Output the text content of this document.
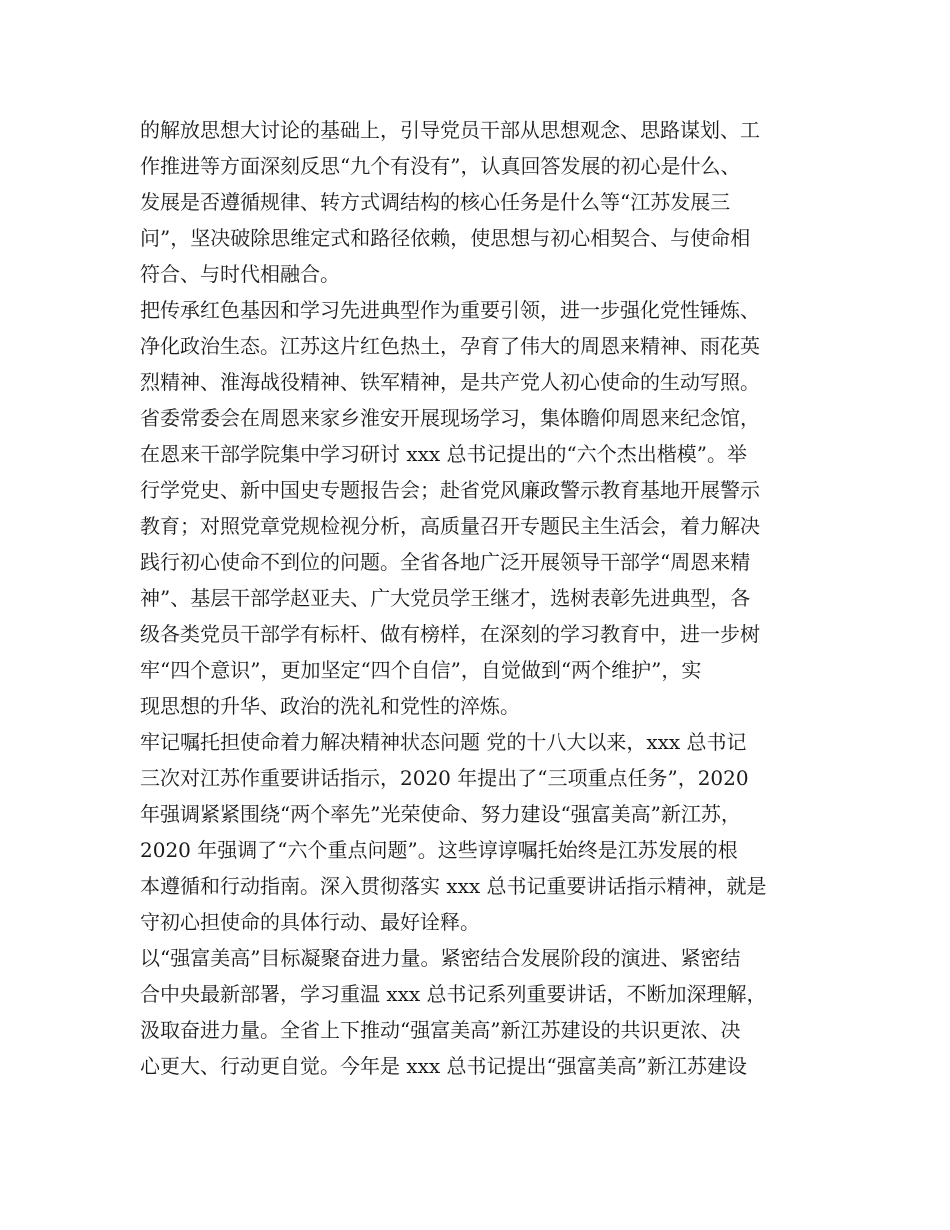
的解放思想大讨论的基础上，引导党员干部从思想观念、思路谋划、工
作推进等方面深刻反思“九个有没有”，认真回答发展的初心是什么、
发展是否遵循规律、转方式调结构的核心任务是什么等“江苏发展三
问”，坚决破除思维定式和路径依赖，使思想与初心相契合、与使命相
符合、与时代相融合。
把传承红色基因和学习先进典型作为重要引领，进一步强化党性锤炼、
净化政治生态。江苏这片红色热土，孕育了伟大的周恩来精神、雨花英
烈精神、淮海战役精神、铁军精神，是共产党人初心使命的生动写照。
省委常委会在周恩来家乡淮安开展现场学习，集体瞻仰周恩来纪念馆，
在恩来干部学院集中学习研讨 xxx 总书记提出的“六个杰出楷模”。举
行学党史、新中国史专题报告会；赴省党风廉政警示教育基地开展警示
教育；对照党章党规检视分析，高质量召开专题民主生活会，着力解决
践行初心使命不到位的问题。全省各地广泛开展领导干部学“周恩来精
神”、基层干部学赵亚夫、广大党员学王继才，选树表彰先进典型，各
级各类党员干部学有标杆、做有榜样，在深刻的学习教育中，进一步树
牢“四个意识”，更加坚定“四个自信”，自觉做到“两个维护”，实
现思想的升华、政治的洗礼和党性的淬炼。
牢记嘱托担使命着力解决精神状态问题 党的十八大以来，xxx 总书记
三次对江苏作重要讲话指示，2020 年提出了“三项重点任务”，2020
年强调紧紧围绕“两个率先”光荣使命、努力建设“强富美高”新江苏，
2020 年强调了“六个重点问题”。这些谆谆嘱托始终是江苏发展的根
本遵循和行动指南。深入贯彻落实 xxx 总书记重要讲话指示精神，就是
守初心担使命的具体行动、最好诠释。
以“强富美高”目标凝聚奋进力量。紧密结合发展阶段的演进、紧密结
合中央最新部署，学习重温 xxx 总书记系列重要讲话，不断加深理解，
汲取奋进力量。全省上下推动“强富美高”新江苏建设的共识更浓、决
心更大、行动更自觉。今年是 xxx 总书记提出“强富美高”新江苏建设
